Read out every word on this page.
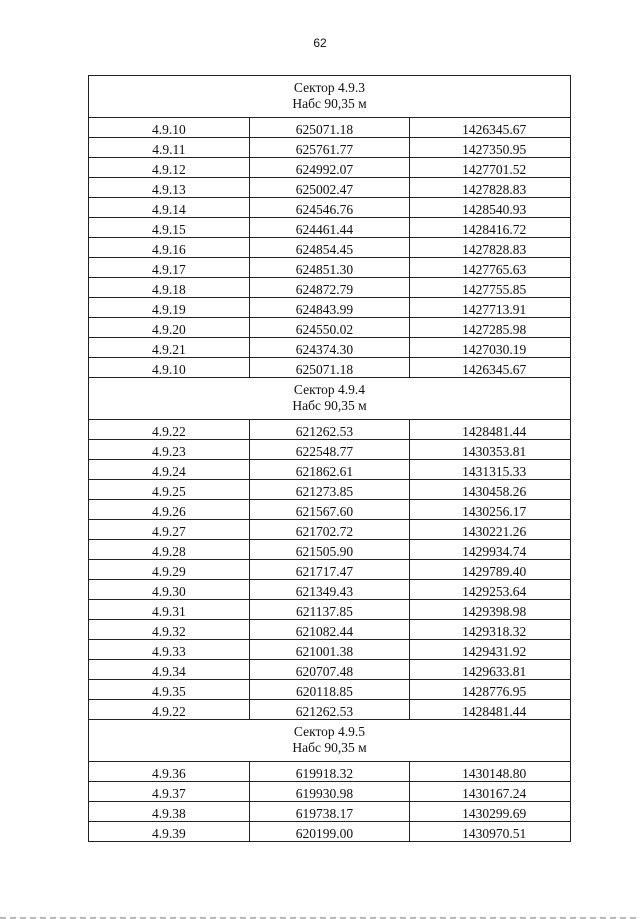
62
Сектор 4.9.3
Набс 90,35 м		

4.9.10	625071.18	1426345.67
4.9.11	625761.77	1427350.95
4.9.12	624992.07	1427701.52
4.9.13	625002.47	1427828.83
4.9.14	624546.76	1428540.93
4.9.15	624461.44	1428416.72
4.9.16	624854.45	1427828.83
4.9.17	624851.30	1427765.63
4.9.18	624872.79	1427755.85
4.9.19	624843.99	1427713.91
4.9.20	624550.02	1427285.98
4.9.21	624374.30	1427030.19
4.9.10	625071.18	1426345.67

Сектор 4.9.4
Набс 90,35 м		

4.9.22	621262.53	1428481.44
4.9.23	622548.77	1430353.81
4.9.24	621862.61	1431315.33
4.9.25	621273.85	1430458.26
4.9.26	621567.60	1430256.17
4.9.27	621702.72	1430221.26
4.9.28	621505.90	1429934.74
4.9.29	621717.47	1429789.40
4.9.30	621349.43	1429253.64
4.9.31	621137.85	1429398.98
4.9.32	621082.44	1429318.32
4.9.33	621001.38	1429431.92
4.9.34	620707.48	1429633.81
4.9.35	620118.85	1428776.95
4.9.22	621262.53	1428481.44

Сектор 4.9.5
Набс 90,35 м		

4.9.36	619918.32	1430148.80
4.9.37	619930.98	1430167.24
4.9.38	619738.17	1430299.69
4.9.39	620199.00	1430970.51
